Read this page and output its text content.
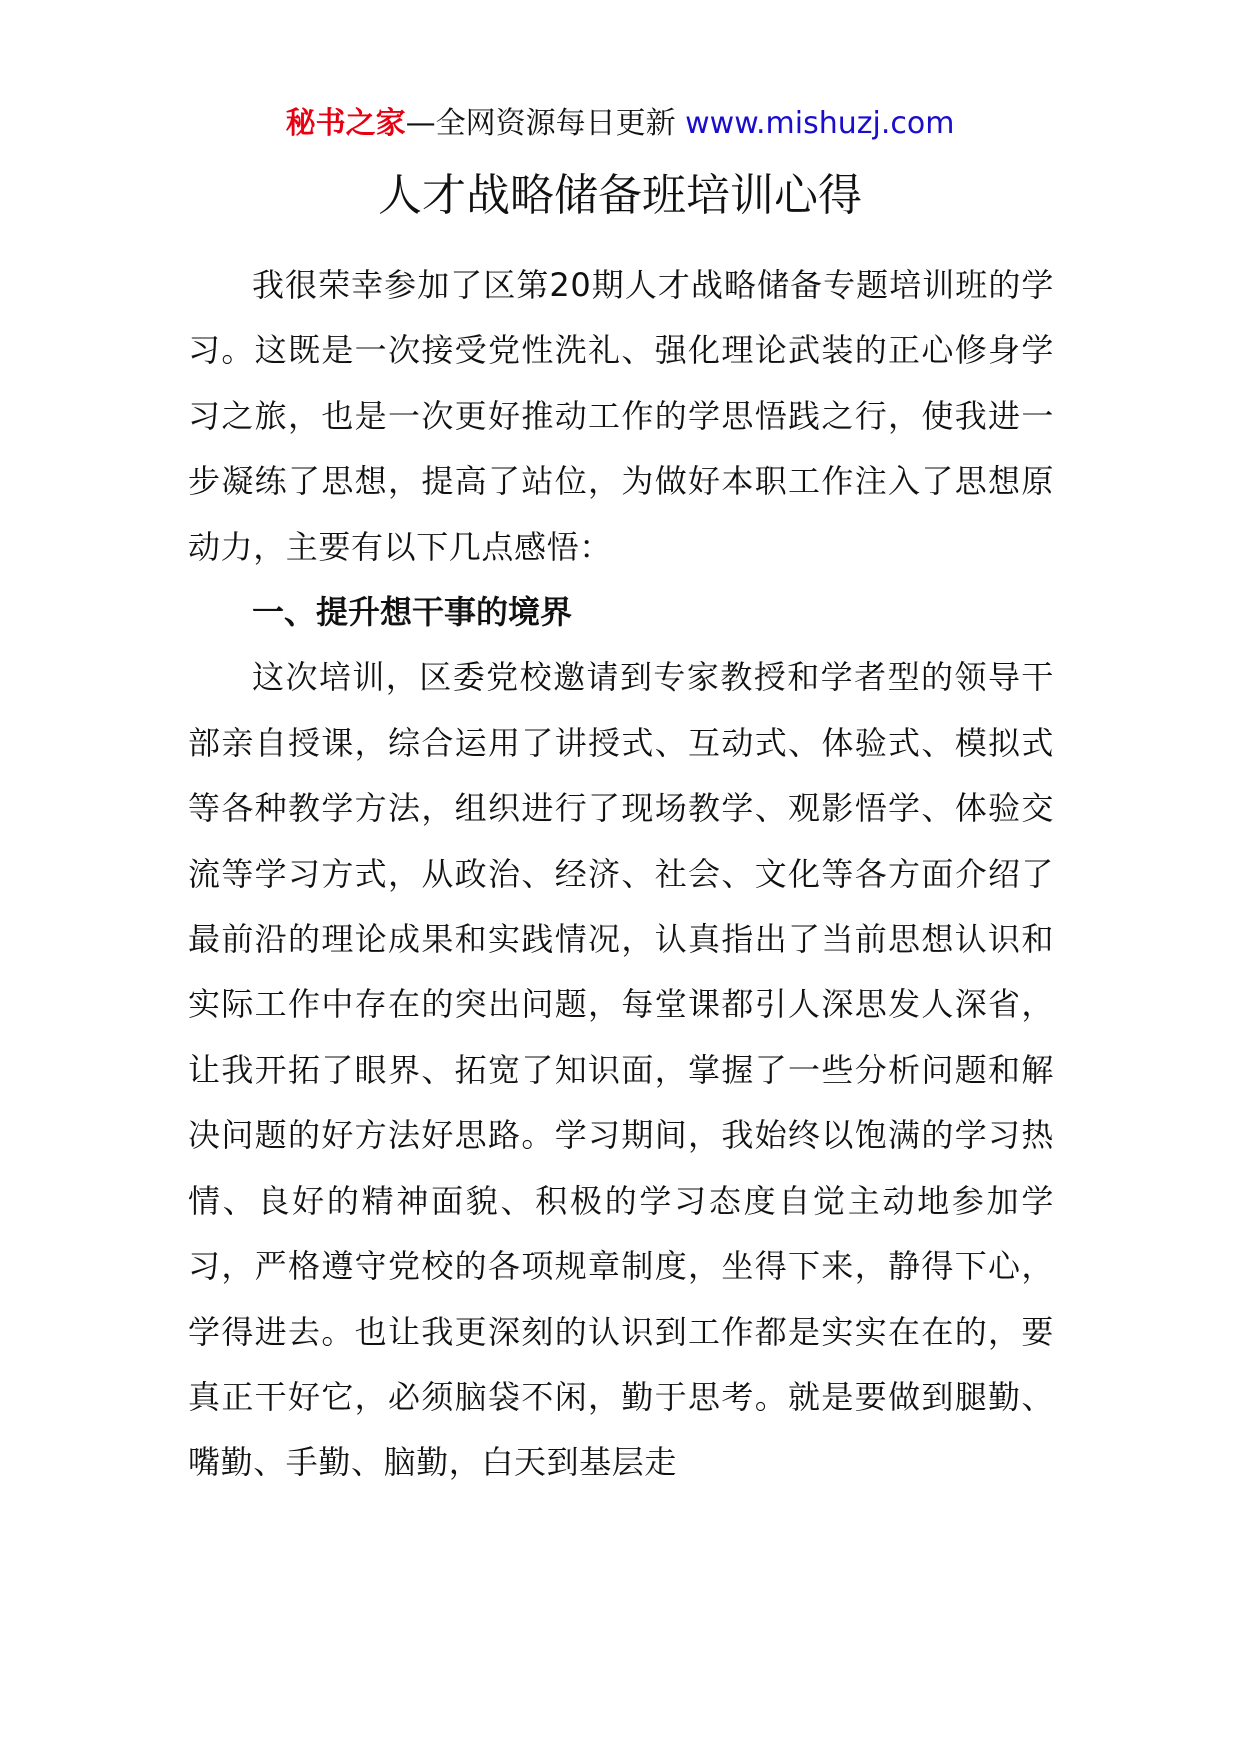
秘书之家—全网资源每日更新 www.mishuzj.com
人才战略储备班培训心得

我很荣幸参加了区第20期人才战略储备专题培训班的学习。这既是一次接受党性洗礼、强化理论武装的正心修身学习之旅，也是一次更好推动工作的学思悟践之行，使我进一步凝练了思想，提高了站位，为做好本职工作注入了思想原动力，主要有以下几点感悟：

一、提升想干事的境界

这次培训，区委党校邀请到专家教授和学者型的领导干部亲自授课，综合运用了讲授式、互动式、体验式、模拟式等各种教学方法，组织进行了现场教学、观影悟学、体验交流等学习方式，从政治、经济、社会、文化等各方面介绍了最前沿的理论成果和实践情况，认真指出了当前思想认识和实际工作中存在的突出问题，每堂课都引人深思发人深省，让我开拓了眼界、拓宽了知识面，掌握了一些分析问题和解决问题的好方法好思路。学习期间，我始终以饱满的学习热情、良好的精神面貌、积极的学习态度自觉主动地参加学习，严格遵守党校的各项规章制度，坐得下来，静得下心，学得进去。也让我更深刻的认识到工作都是实实在在的，要真正干好它，必须脑袋不闲，勤于思考。就是要做到腿勤、嘴勤、手勤、脑勤，白天到基层走
